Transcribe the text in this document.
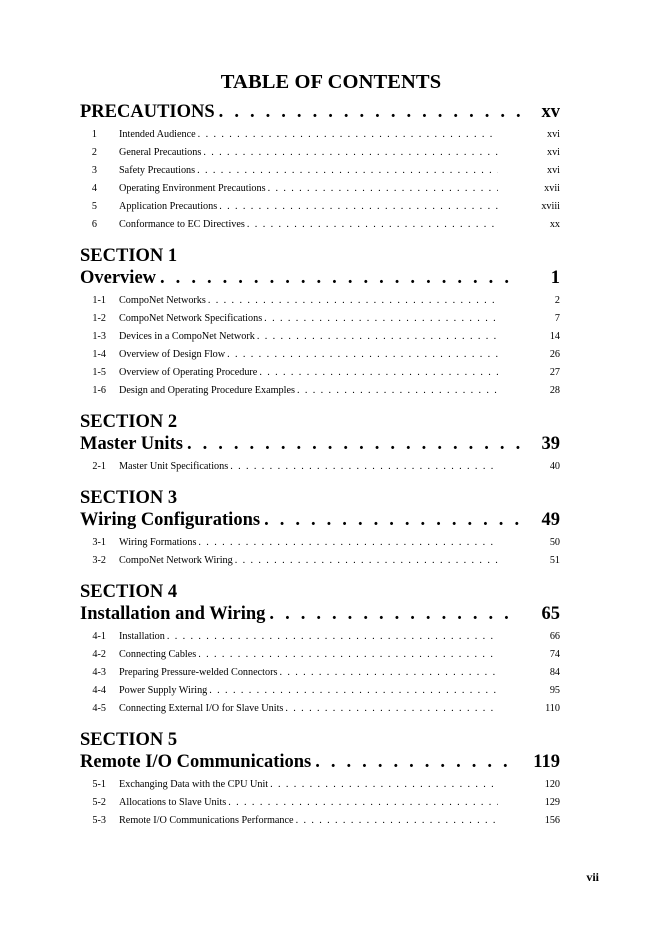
TABLE OF CONTENTS
PRECAUTIONS . . .	xv
1	Intended Audience . . .	xvi
2	General Precautions . . .	xvi
3	Safety Precautions . . .	xvi
4	Operating Environment Precautions . . .	xvii
5	Application Precautions . . .	xviii
6	Conformance to EC Directives . . .	xx
SECTION 1
Overview . . .	1
1-1	CompoNet Networks . . .	2
1-2	CompoNet Network Specifications . . .	7
1-3	Devices in a CompoNet Network . . .	14
1-4	Overview of Design Flow . . .	26
1-5	Overview of Operating Procedure . . .	27
1-6	Design and Operating Procedure Examples . . .	28
SECTION 2
Master Units . . .	39
2-1	Master Unit Specifications . . .	40
SECTION 3
Wiring Configurations . . .	49
3-1	Wiring Formations . . .	50
3-2	CompoNet Network Wiring . . .	51
SECTION 4
Installation and Wiring . . .	65
4-1	Installation . . .	66
4-2	Connecting Cables . . .	74
4-3	Preparing Pressure-welded Connectors . . .	84
4-4	Power Supply Wiring . . .	95
4-5	Connecting External I/O for Slave Units . . .	110
SECTION 5
Remote I/O Communications . . .	119
5-1	Exchanging Data with the CPU Unit . . .	120
5-2	Allocations to Slave Units . . .	129
5-3	Remote I/O Communications Performance . . .	156
vii
